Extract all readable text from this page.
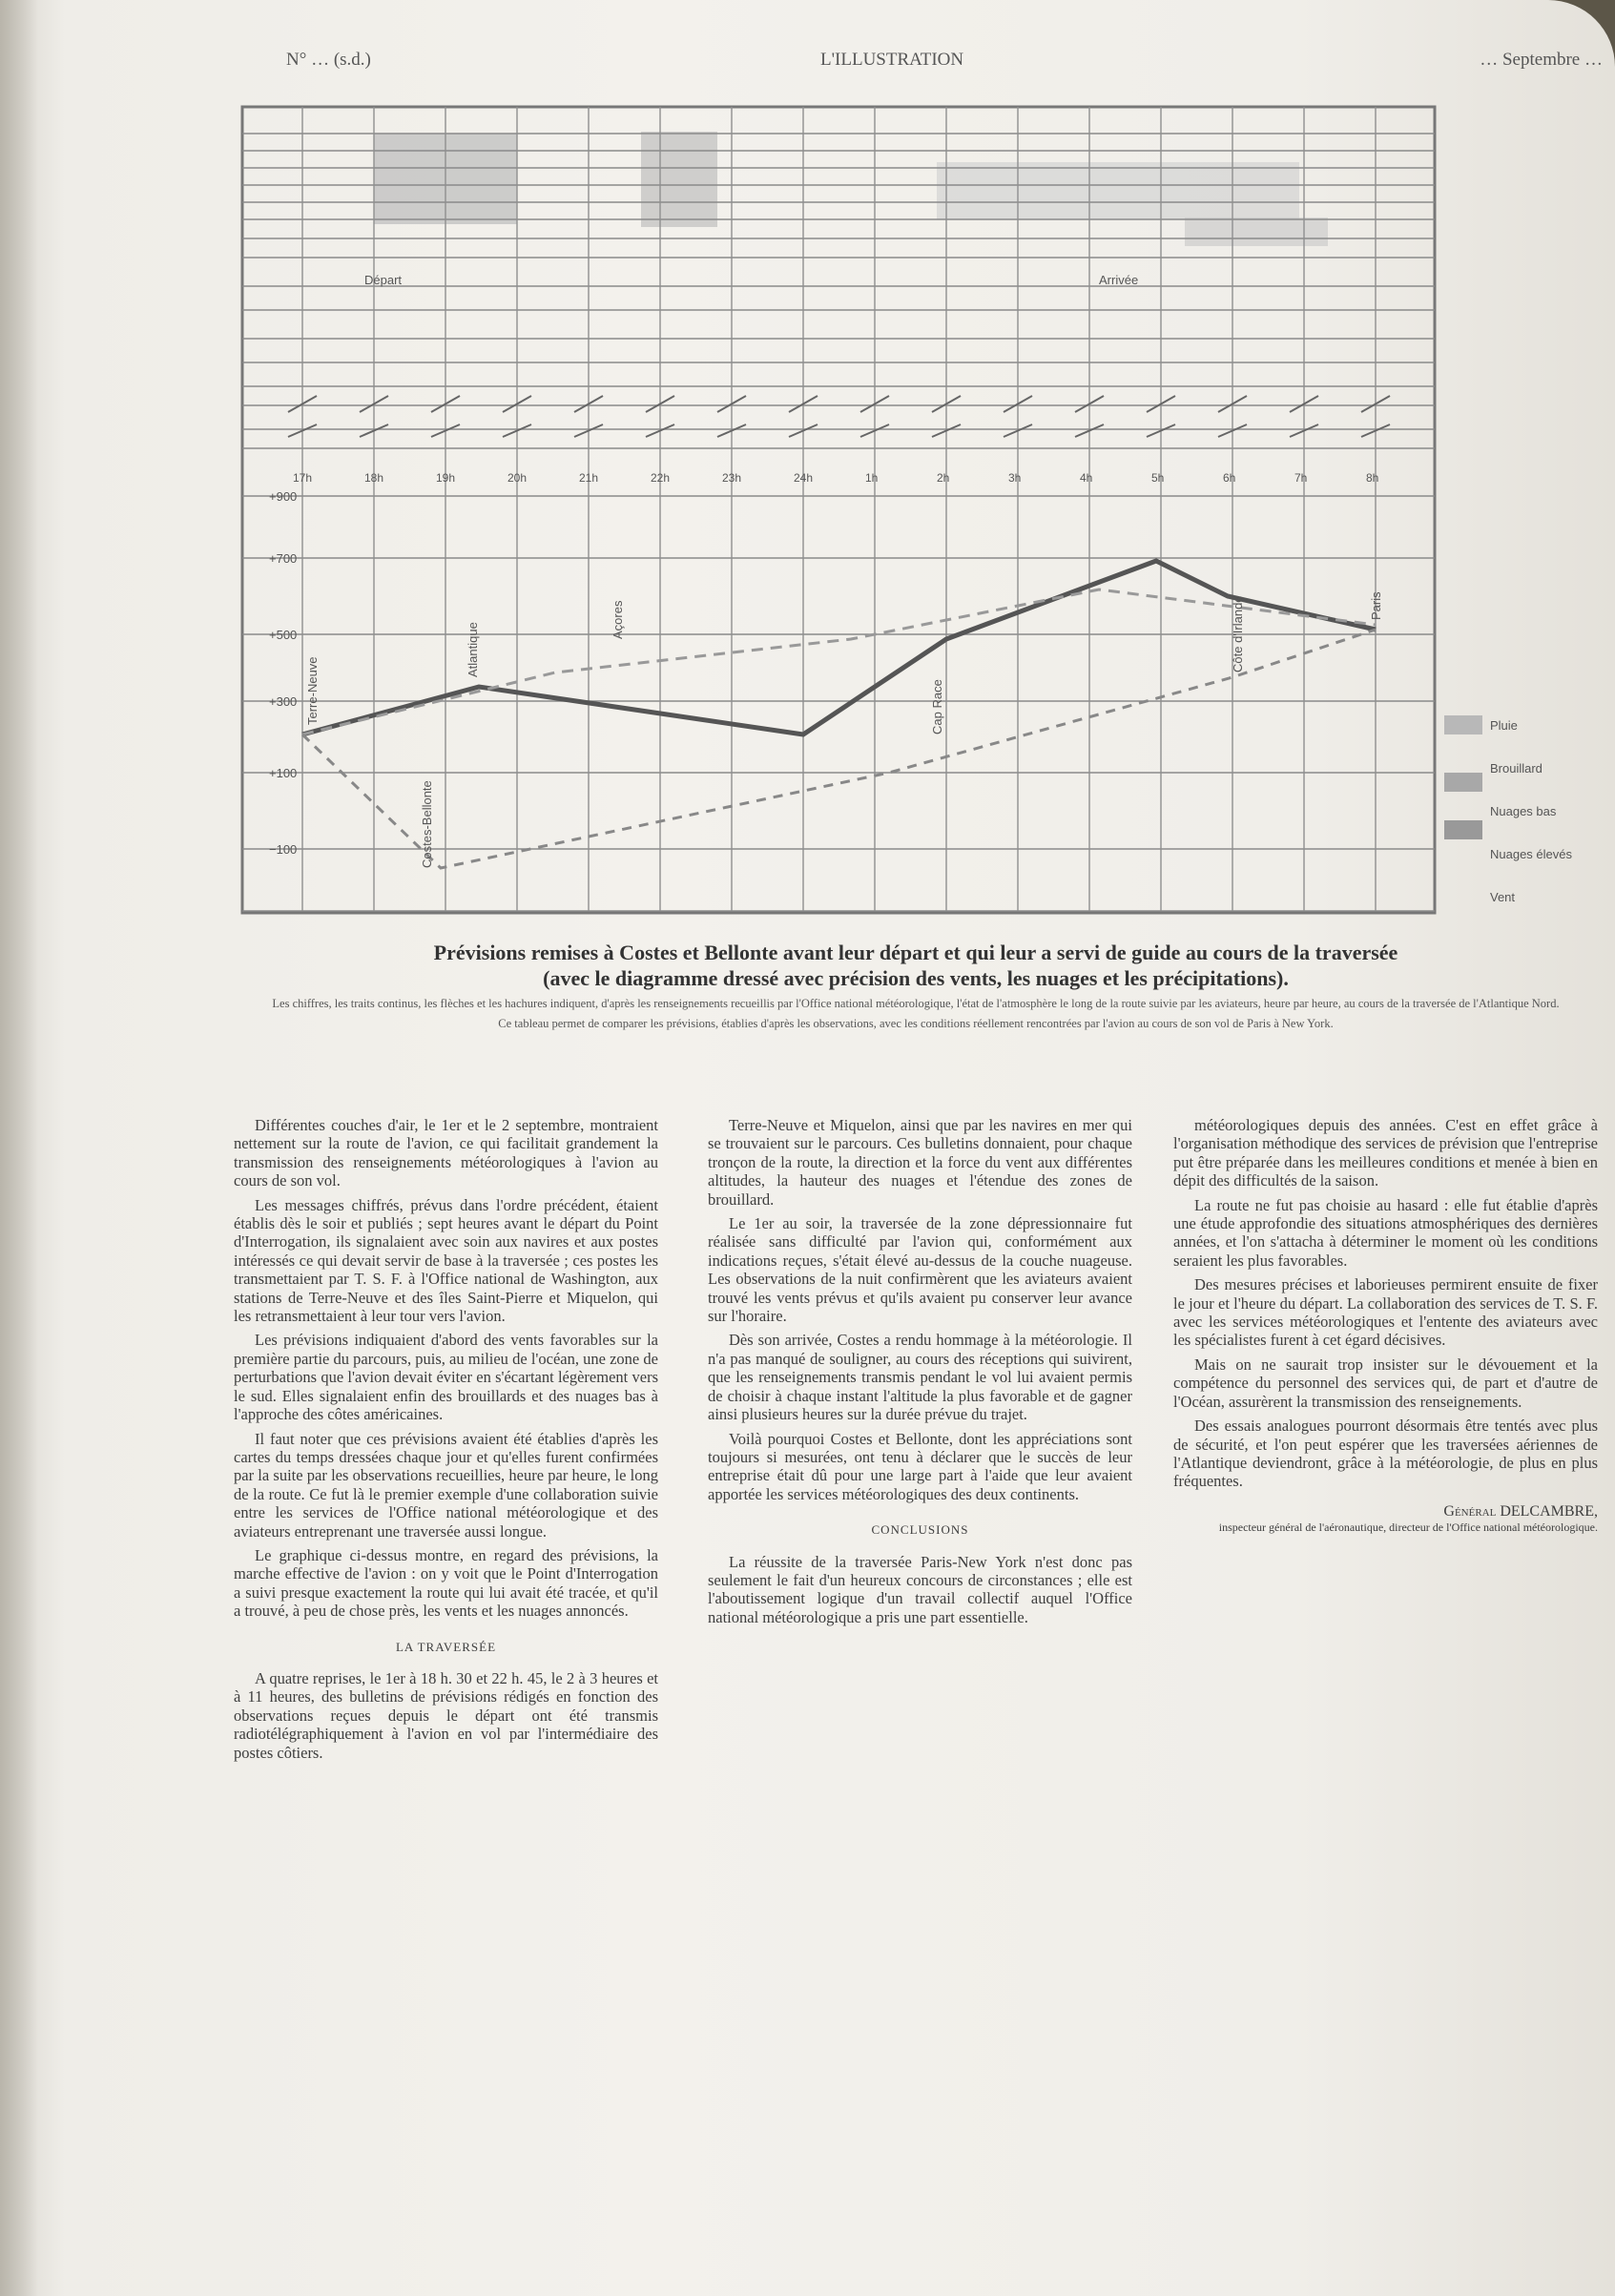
N° … (s.d.)	L'ILLUSTRATION	… Septembre …
+900
+700
+500
+300
+100
−100
17h	18h	19h	20h	21h	22h	23h	24h	1h	2h	3h	4h	5h	6h	7h	8h
Terre-Neuve
Atlantique
Açores
Cap Race
Côte d'Irlande	Paris
Costes-Bellonte
Départ	Arrivée
Pluie
Brouillard
Nuages bas
Nuages élevés
Vent
Prévisions remises à Costes et Bellonte avant leur départ et qui leur a servi de guide au cours de la traversée
(avec le diagramme dressé avec précision des vents, les nuages et les précipitations).
Les chiffres, les traits continus, les flèches et les hachures indiquent, d'après les renseignements recueillis par l'Office national météorologique, l'état de l'atmosphère le long de la route suivie par les aviateurs, heure par heure, au cours de la traversée de l'Atlantique Nord.
Ce tableau permet de comparer les prévisions, établies d'après les observations, avec les conditions réellement rencontrées par l'avion au cours de son vol de Paris à New York.

Différentes couches d'air, le 1er et le 2 septembre, montraient nettement sur la route de l'avion, ce qui facilitait grandement la transmission des renseignements météorologiques à l'avion au cours de son vol.

Les messages chiffrés, prévus dans l'ordre précédent, étaient établis dès le soir et publiés ; sept heures avant le départ du Point d'Interrogation, ils signalaient avec soin aux navires et aux postes intéressés ce qui devait servir de base à la traversée ; ces postes les transmettaient par T. S. F. à l'Office national de Washington, aux stations de Terre-Neuve et des îles Saint-Pierre et Miquelon, qui les retransmettaient à leur tour vers l'avion.

Les prévisions indiquaient d'abord des vents favorables sur la première partie du parcours, puis, au milieu de l'océan, une zone de perturbations que l'avion devait éviter en s'écartant légèrement vers le sud. Elles signalaient enfin des brouillards et des nuages bas à l'approche des côtes américaines.

Il faut noter que ces prévisions avaient été établies d'après les cartes du temps dressées chaque jour et qu'elles furent confirmées par la suite par les observations recueillies, heure par heure, le long de la route. Ce fut là le premier exemple d'une collaboration suivie entre les services de l'Office national météorologique et des aviateurs entreprenant une traversée aussi longue.

Le graphique ci-dessus montre, en regard des prévisions, la marche effective de l'avion : on y voit que le Point d'Interrogation a suivi presque exactement la route qui lui avait été tracée, et qu'il a trouvé, à peu de chose près, les vents et les nuages annoncés.

LA TRAVERSÉE

A quatre reprises, le 1er à 18 h. 30 et 22 h. 45, le 2 à 3 heures et à 11 heures, des bulletins de prévisions rédigés en fonction des observations reçues depuis le départ ont été transmis radiotélégraphiquement à l'avion en vol par l'intermédiaire des postes côtiers.

Terre-Neuve et Miquelon, ainsi que par les navires en mer qui se trouvaient sur le parcours. Ces bulletins donnaient, pour chaque tronçon de la route, la direction et la force du vent aux différentes altitudes, la hauteur des nuages et l'étendue des zones de brouillard.

Le 1er au soir, la traversée de la zone dépressionnaire fut réalisée sans difficulté par l'avion qui, conformément aux indications reçues, s'était élevé au-dessus de la couche nuageuse. Les observations de la nuit confirmèrent que les aviateurs avaient trouvé les vents prévus et qu'ils avaient pu conserver leur avance sur l'horaire.

Dès son arrivée, Costes a rendu hommage à la météorologie. Il n'a pas manqué de souligner, au cours des réceptions qui suivirent, que les renseignements transmis pendant le vol lui avaient permis de choisir à chaque instant l'altitude la plus favorable et de gagner ainsi plusieurs heures sur la durée prévue du trajet.

Voilà pourquoi Costes et Bellonte, dont les appréciations sont toujours si mesurées, ont tenu à déclarer que le succès de leur entreprise était dû pour une large part à l'aide que leur avaient apportée les services météorologiques des deux continents.

CONCLUSIONS

La réussite de la traversée Paris-New York n'est donc pas seulement le fait d'un heureux concours de circonstances ; elle est l'aboutissement logique d'un travail collectif auquel l'Office national météorologique a pris une part essentielle.

météorologiques depuis des années. C'est en effet grâce à l'organisation méthodique des services de prévision que l'entreprise put être préparée dans les meilleures conditions et menée à bien en dépit des difficultés de la saison.

La route ne fut pas choisie au hasard : elle fut établie d'après une étude approfondie des situations atmosphériques des dernières années, et l'on s'attacha à déterminer le moment où les conditions seraient les plus favorables.

Des mesures précises et laborieuses permirent ensuite de fixer le jour et l'heure du départ. La collaboration des services de T. S. F. avec les services météorologiques et l'entente des aviateurs avec les spécialistes furent à cet égard décisives.

Mais on ne saurait trop insister sur le dévouement et la compétence du personnel des services qui, de part et d'autre de l'Océan, assurèrent la transmission des renseignements.

Des essais analogues pourront désormais être tentés avec plus de sécurité, et l'on peut espérer que les traversées aériennes de l'Atlantique deviendront, grâce à la météorologie, de plus en plus fréquentes.

Général DELCAMBRE,
inspecteur général de l'aéronautique, directeur de l'Office national météorologique.
